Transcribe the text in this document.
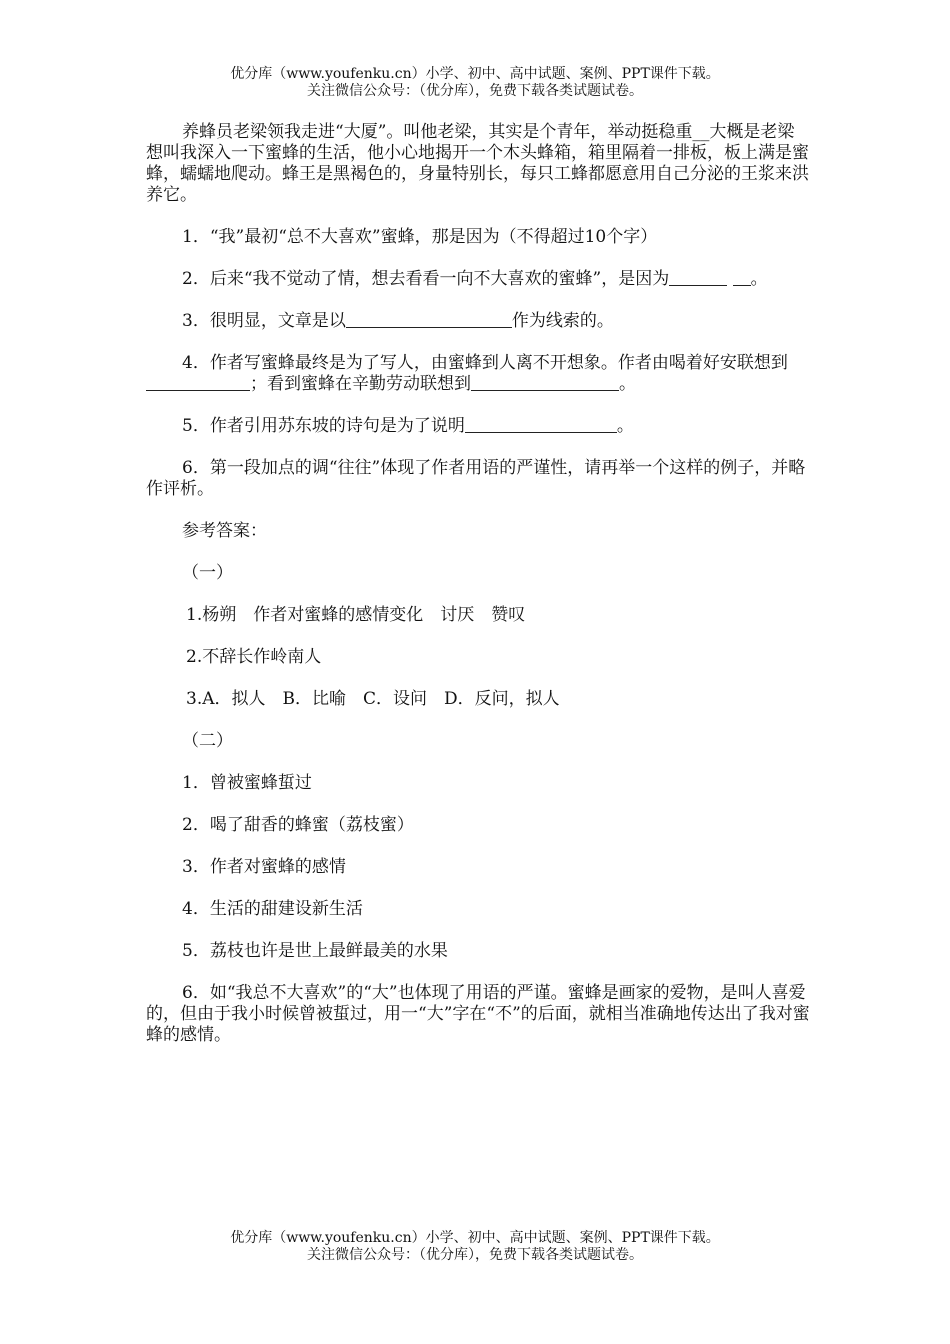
优分库（www.youfenku.cn）小学、初中、高中试题、案例、PPT课件下载。
关注微信公众号：（优分库），免费下载各类试题试卷。

养蜂员老梁领我走进“大厦”。叫他老梁，其实是个青年，举动挺稳重__大概是老梁想叫我深入一下蜜蜂的生活，他小心地揭开一个木头蜂箱，箱里隔着一排板，板上满是蜜蜂，蠕蠕地爬动。蜂王是黑褐色的，身量特别长，每只工蜂都愿意用自己分泌的王浆来洪养它。

1．“我”最初“总不大喜欢”蜜蜂，那是因为（不得超过10个字）

2．后来“我不觉动了情，想去看看一向不大喜欢的蜜蜂”，是因为	。

3．很明显，文章是以	作为线索的。

4．作者写蜜蜂最终是为了写人，由蜜蜂到人离不开想象。作者由喝着好安联想到；看到蜜蜂在辛勤劳动联想到	。

5．作者引用苏东坡的诗句是为了说明	。

6．第一段加点的调“往往”体现了作者用语的严谨性，请再举一个这样的例子，并略作评析。

参考答案：

（一）

1.杨朔　作者对蜜蜂的感情变化　讨厌　赞叹

2.不辞长作岭南人

3.A．拟人　B．比喻　C．设问　D．反问，拟人

（二）

1．曾被蜜蜂蜇过

2．喝了甜香的蜂蜜（荔枝蜜）

3．作者对蜜蜂的感情

4．生活的甜建设新生活

5．荔枝也许是世上最鲜最美的水果

6．如“我总不大喜欢”的“大”也体现了用语的严谨。蜜蜂是画家的爱物，是叫人喜爱的，但由于我小时候曾被蜇过，用一“大”字在“不”的后面，就相当准确地传达出了我对蜜蜂的感情。

优分库（www.youfenku.cn）小学、初中、高中试题、案例、PPT课件下载。
关注微信公众号：（优分库），免费下载各类试题试卷。
